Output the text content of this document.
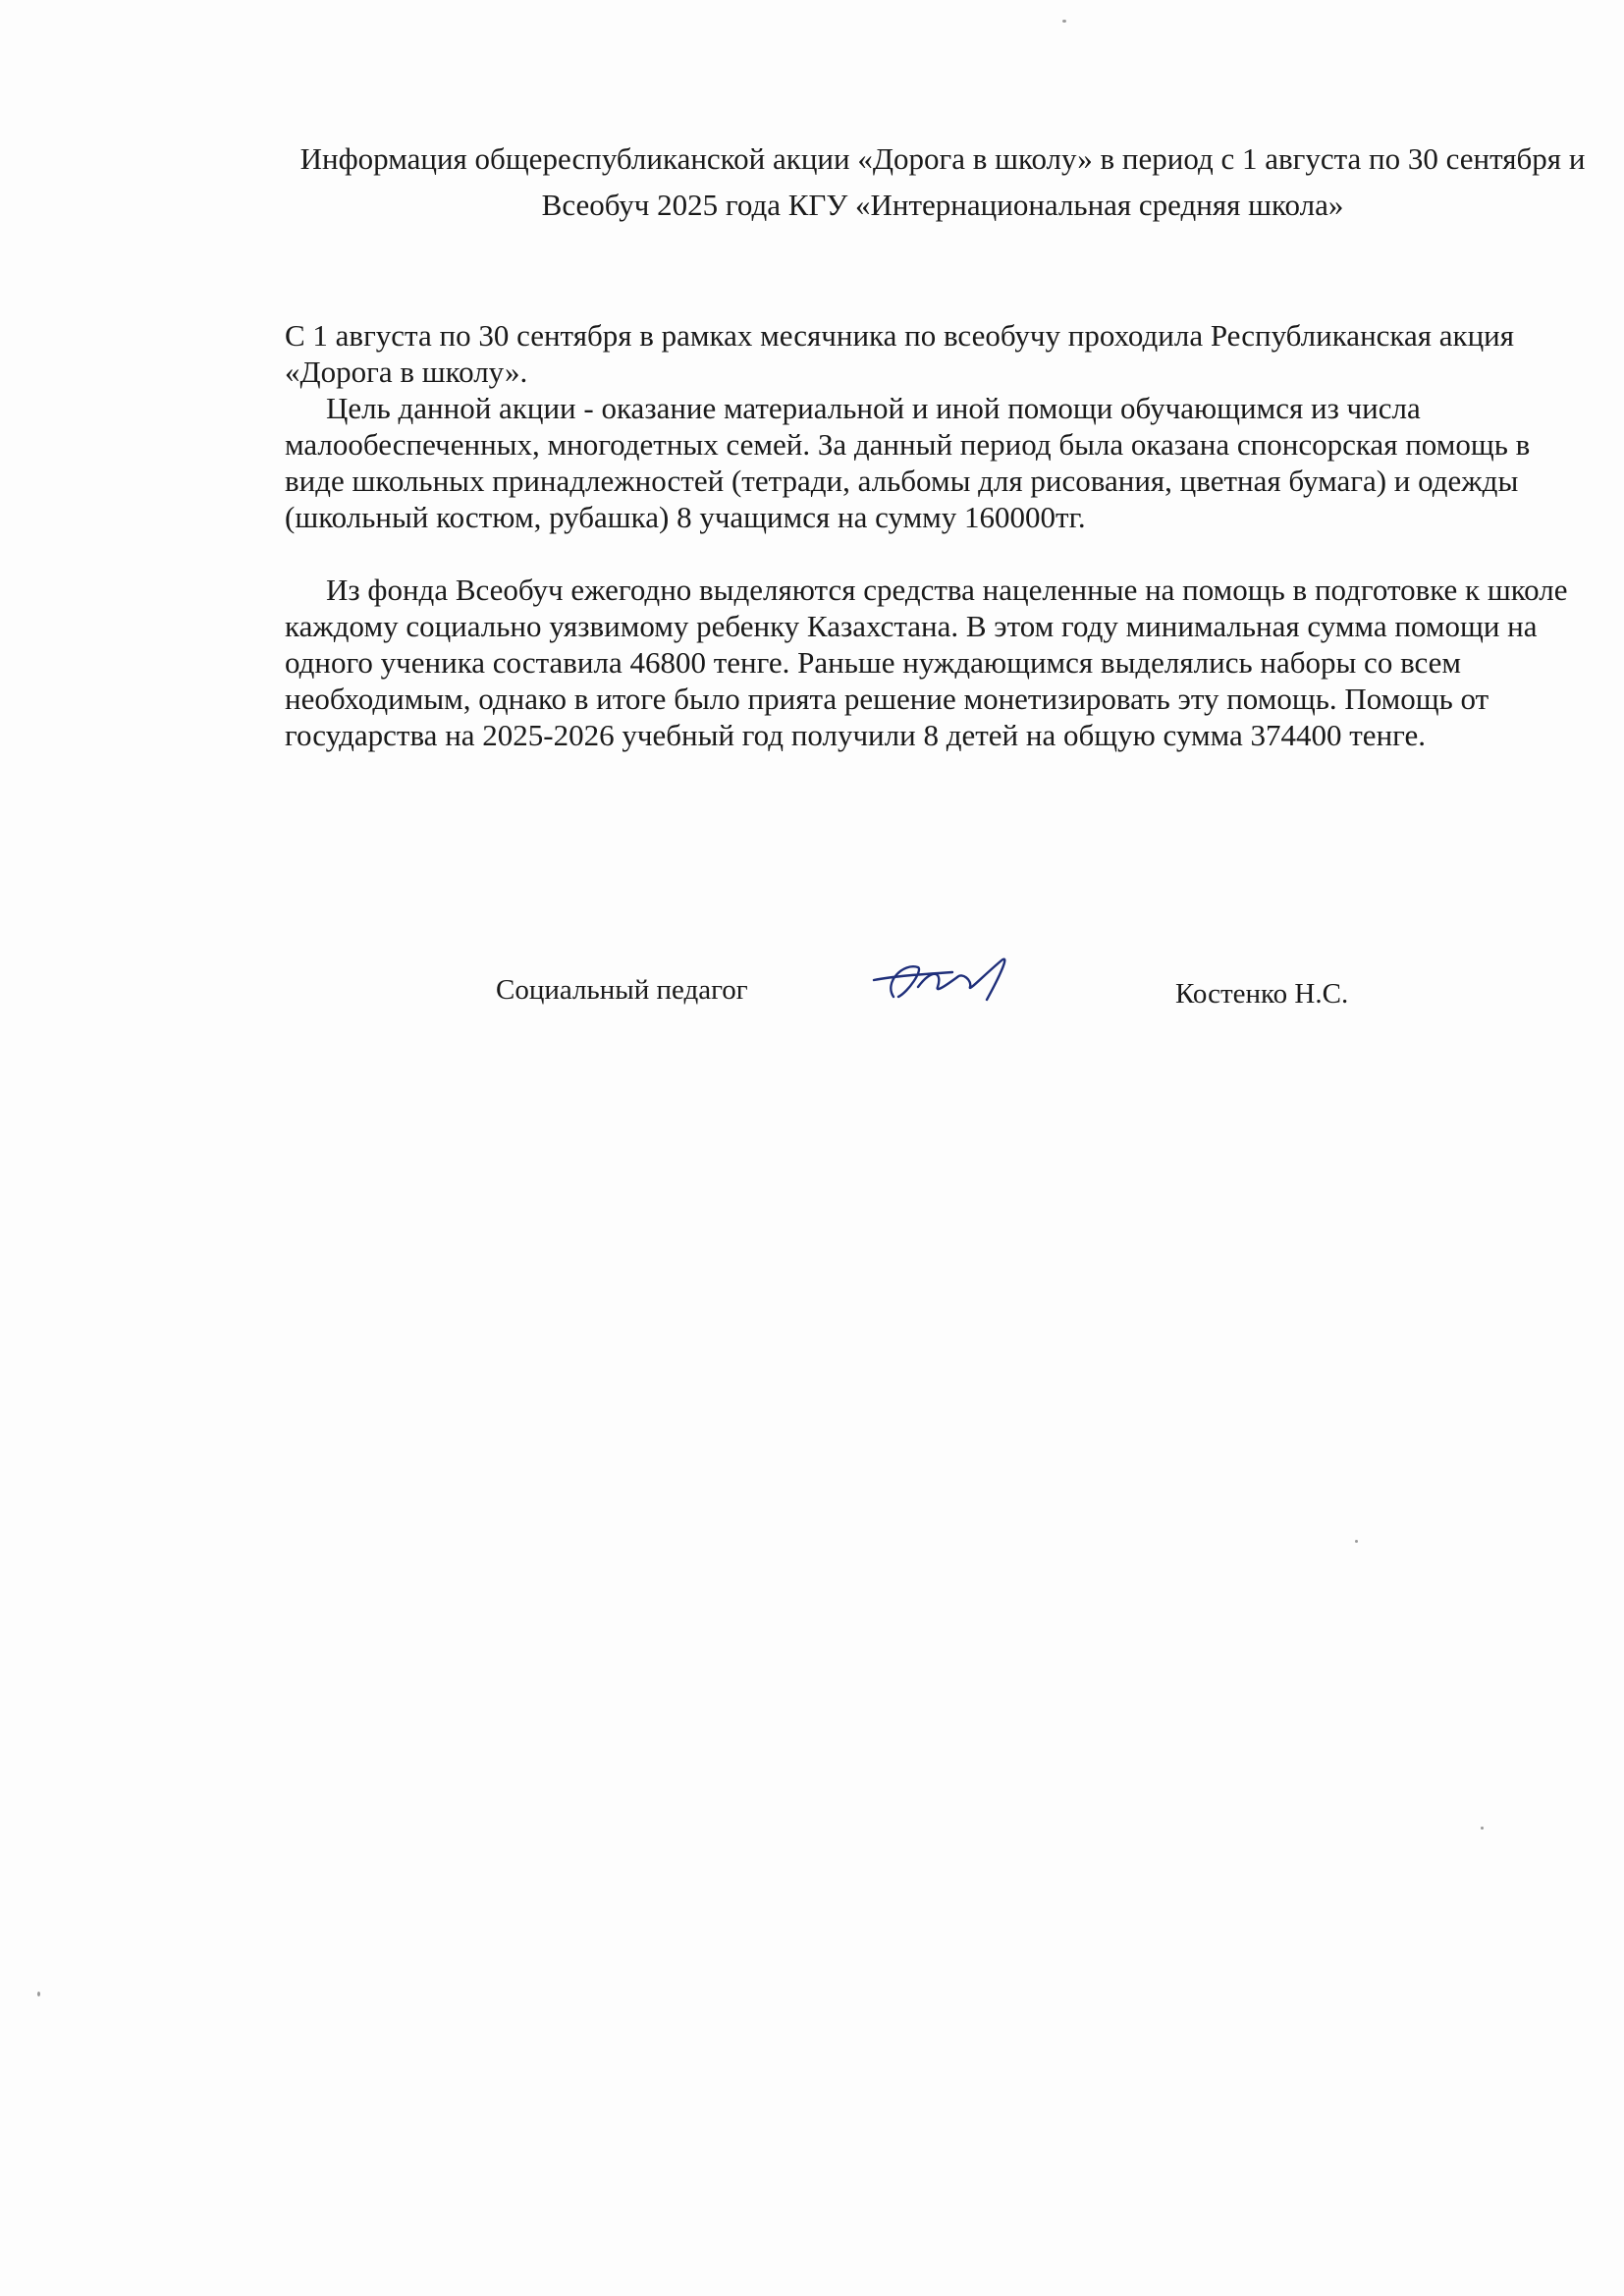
Информация общереспубликанской акции «Дорога в школу» в период с 1 августа по 30 сентября и Всеобуч 2025 года КГУ «Интернациональная средняя школа»

С 1 августа по 30 сентября в рамках месячника по всеобучу проходила Республиканская акция «Дорога в школу».

Цель данной акции - оказание материальной и иной помощи обучающимся из числа малообеспеченных, многодетных семей. За данный период была оказана спонсорская помощь в виде школьных принадлежностей (тетради, альбомы для рисования, цветная бумага) и одежды (школьный костюм, рубашка) 8 учащимся на сумму 160000тг.

Из фонда Всеобуч ежегодно выделяются средства нацеленные на помощь в подготовке к школе каждому социально уязвимому ребенку Казахстана. В этом году минимальная сумма помощи на одного ученика составила 46800 тенге. Раньше нуждающимся выделялись наборы со всем необходимым, однако в итоге было прията решение монетизировать эту помощь. Помощь от государства на 2025-2026 учебный год получили 8 детей на общую сумма 374400 тенге.

Социальный педагог	Костенко Н.С.
